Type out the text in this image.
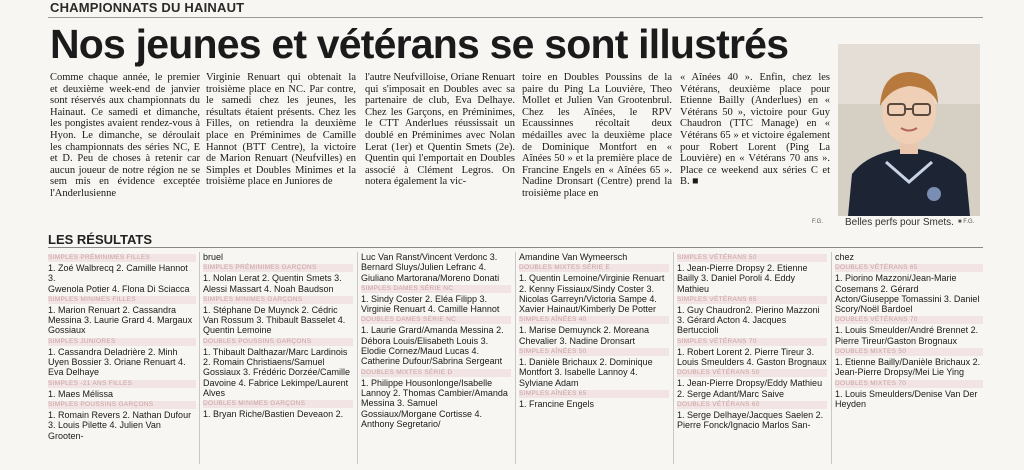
CHAMPIONNATS DU HAINAUT
Nos jeunes et vétérans se sont illustrés
Comme chaque année, le premier et deuxième week-end de janvier sont réservés aux championnats du Hainaut. Ce samedi et dimanche, les pongistes avaient rendez-vous à Hyon. Le dimanche, se déroulait les championnats des séries NC, E et D. Peu de choses à retenir car aucun joueur de notre région ne se sem mis en évidence exceptée l'Anderlusienne
Virginie Renuart qui obtenait la troisième place en NC. Par contre, le samedi chez les jeunes, les résultats étaient présents. Chez les Filles, on retiendra la deuxième place en Préminimes de Camille Hannot (BTT Centre), la victoire de Marion Renuart (Neufvilles) en Simples et Doubles Minimes et la troisième place en Juniores de
l'autre Neufvilloise, Oriane Renuart qui s'imposait en Doubles avec sa partenaire de club, Eva Delhaye. Chez les Garçons, en Préminimes, le CTT Anderlues réussissait un doublé en Préminimes avec Nolan Lerat (1er) et Quentin Smets (2e). Quentin qui l'emportait en Doubles associé à Clément Legros. On notera également la vic-
toire en Doubles Poussins de la paire du Ping La Louvière, Theo Mollet et Julien Van Grootenbrul. Chez les Aînées, le RPV Ecaussinnes récoltait deux médailles avec la deuxième place de Dominique Montfort en « Aînées 50 » et la première place de Francine Engels en « Aînées 65 ». Nadine Dronsart (Centre) prend la troisième place en
« Aînées 40 ». Enfin, chez les Vétérans, deuxième place pour Etienne Bailly (Anderlues) en « Vétérans 50 », victoire pour Guy Chaudron (TTC Manage) en « Vétérans 65 » et victoire également pour Robert Lorent (Ping La Louvière) en « Vétérans 70 ans ». Place ce weekend aux séries C et B. ■
F.G. Belles perfs pour Smets. ■ F.G.
LES RÉSULTATS
SIMPLES PRÉMINIMES FILLES
1. Zoé Walbrecq 2. Camille Hannot 3.
Gwenola Potier 4. Flona Di Sciacca
SIMPLES MINIMES FILLES
1. Marion Renuart 2. Cassandra Messina 3. Laurie Grard 4. Margaux Gossiaux
SIMPLES JUNIORES
1. Cassandra Deladrière 2. Minh Uyen Bossier 3. Oriane Renuart 4. Eva Delhaye
SIMPLES -21 ANS FILLES
1. Maes Mélissa
SIMPLES POUSSINS GARÇONS
1. Romain Revers 2. Nathan Dufour 3. Louis Pilette 4. Julien Van Grooten-
bruel
SIMPLES PRÉMINIMES GARÇONS
1. Nolan Lerat 2. Quentin Smets 3. Alessi Massart 4. Noah Baudson
SIMPLES MINIMES GARÇONS
1. Stéphane De Muynck 2. Cédric Van Rossum 3. Thibault Basselet 4. Quentin Lemoine
DOUBLES POUSSINS GARÇONS
1. Thibault Dalthazar/Marc Lardinois 2. Romain Christiaens/Samuel Gossiaux 3. Frédéric Dorzée/Camille Davoine 4. Fabrice Lekimpe/Laurent Alves
DOUBLES MINIMES GARÇONS
1. Bryan Riche/Bastien Deveaon 2.
Luc Van Ranst/Vincent Verdonc 3. Bernard Sluys/Julien Lefranc 4. Giuliano Martorana/Moreno Donati
SIMPLES DAMES SÉRIE NC
1. Sindy Coster 2. Eléa Filipp 3. Virginie Renuart 4. Camille Hannot
DOUBLES DAMES SÉRIE NC
1. Laurie Grard/Amanda Messina 2. Débora Louis/Elisabeth Louis 3. Elodie Cornez/Maud Lucas 4. Catherine Dufour/Sabrina Sergeant
DOUBLES MIXTES SÉRIE D
1. Philippe Housonlonge/Isabelle Lannoy 2. Thomas Cambier/Amanda Messina 3. Samuel Gossiaux/Morgane Cortisse 4. Anthony Segretario/
Amandine Van Wymeersch
DOUBLES MIXTES SÉRIE E
1. Quentin Lemoine/Virginie Renuart 2. Kenny Fissiaux/Sindy Coster 3. Nicolas Garreyn/Victoria Sampe 4. Xavier Hainaut/Kimberly De Potter
SIMPLES AÎNÉES 40
1. Marise Demuynck 2. Moreana Chevalier 3. Nadine Dronsart
SIMPLES AÎNÉES 50
1. Danièle Brichaux 2. Dominique Montfort 3. Isabelle Lannoy 4. Sylviane Adam
SIMPLES AÎNÉES 65
1. Francine Engels
SIMPLES VÉTÉRANS 50
1. Jean-Pierre Dropsy 2. Etienne Bailly 3. Daniel Poroli 4. Eddy Mathieu
SIMPLES VÉTÉRANS 65
1. Guy Chaudron2. Pierino Mazzoni 3. Gérard Acton 4. Jacques Bertuccioli
SIMPLES VÉTÉRANS 70
1. Robert Lorent 2. Pierre Tireur 3. Louis Smeulders 4. Gaston Brognaux
DOUBLES VÉTÉRANS 50
1. Jean-Pierre Dropsy/Eddy Mathieu 2. Serge Adant/Marc Saive
DOUBLES VÉTÉRANS 60
1. Serge Delhaye/Jacques Saelen 2. Pierre Fonck/Ignacio Marlos San-
chez
DOUBLES VÉTÉRANS 65
1. Piorino Mazzoni/Jean-Marie Cosemans 2. Gérard Acton/Giuseppe Tomassini 3. Daniel Scory/Noël Bardoel
DOUBLES VÉTÉRANS 70
1. Louis Smeulder/André Brennet 2. Pierre Tireur/Gaston Brognaux
DOUBLES MIXTES 50
1. Etienne Bailly/Danièle Brichaux 2. Jean-Pierre Dropsy/Mei Lie Ying
DOUBLES MIXTES 70
1. Louis Smeulders/Denise Van Der Heyden
